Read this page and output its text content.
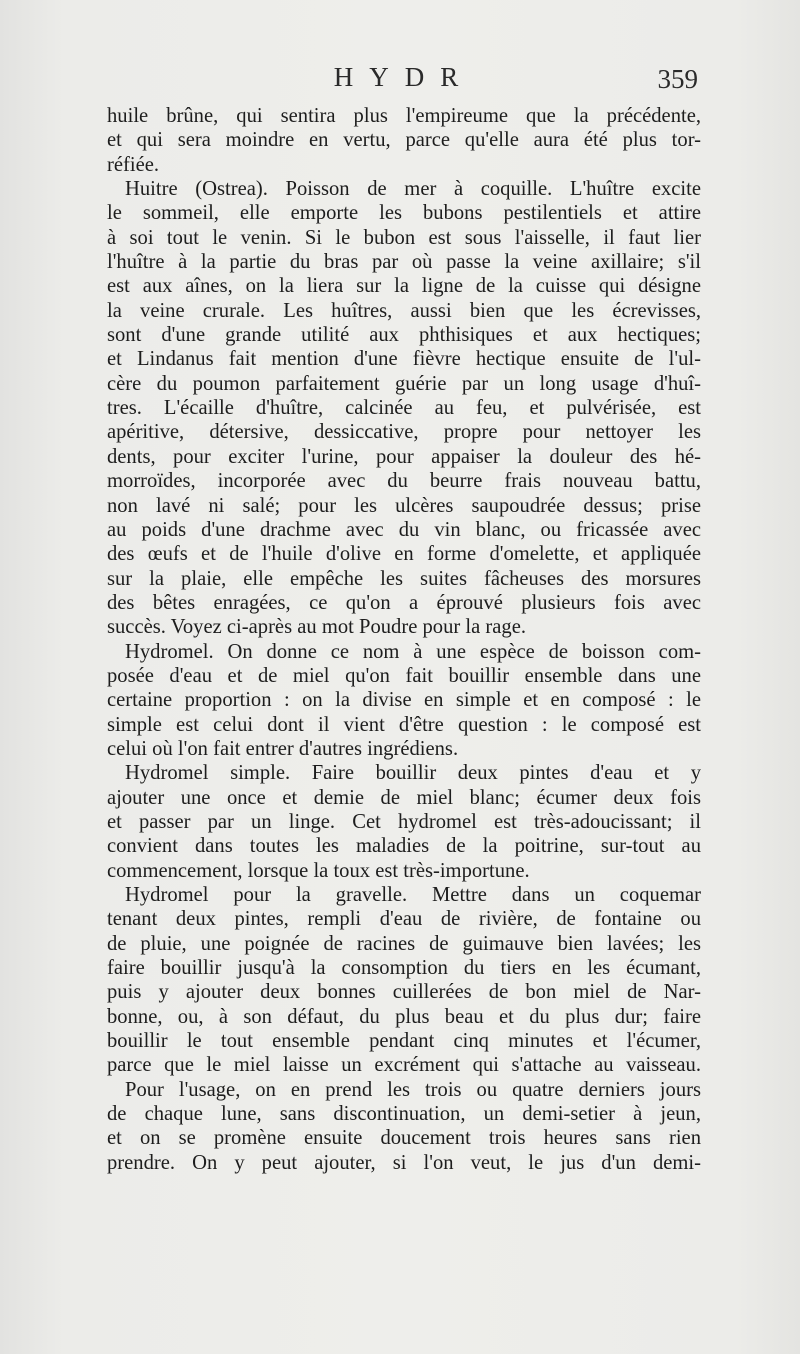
HYDR	359
huile brûne, qui sentira plus l'empireume que la précédente,
et qui sera moindre en vertu, parce qu'elle aura été plus tor-
réfiée.
Huitre (Ostrea). Poisson de mer à coquille. L'huître excite
le sommeil, elle emporte les bubons pestilentiels et attire
à soi tout le venin. Si le bubon est sous l'aisselle, il faut lier
l'huître à la partie du bras par où passe la veine axillaire; s'il
est aux aînes, on la liera sur la ligne de la cuisse qui désigne
la veine crurale. Les huîtres, aussi bien que les écrevisses,
sont d'une grande utilité aux phthisiques et aux hectiques;
et Lindanus fait mention d'une fièvre hectique ensuite de l'ul-
cère du poumon parfaitement guérie par un long usage d'huî-
tres. L'écaille d'huître, calcinée au feu, et pulvérisée, est
apéritive, détersive, dessiccative, propre pour nettoyer les
dents, pour exciter l'urine, pour appaiser la douleur des hé-
morroïdes, incorporée avec du beurre frais nouveau battu,
non lavé ni salé; pour les ulcères saupoudrée dessus; prise
au poids d'une drachme avec du vin blanc, ou fricassée avec
des œufs et de l'huile d'olive en forme d'omelette, et appliquée
sur la plaie, elle empêche les suites fâcheuses des morsures
des bêtes enragées, ce qu'on a éprouvé plusieurs fois avec
succès. Voyez ci-après au mot Poudre pour la rage.
Hydromel. On donne ce nom à une espèce de boisson com-
posée d'eau et de miel qu'on fait bouillir ensemble dans une
certaine proportion : on la divise en simple et en composé : le
simple est celui dont il vient d'être question : le composé est
celui où l'on fait entrer d'autres ingrédiens.
Hydromel simple. Faire bouillir deux pintes d'eau et y
ajouter une once et demie de miel blanc; écumer deux fois
et passer par un linge. Cet hydromel est très-adoucissant; il
convient dans toutes les maladies de la poitrine, sur-tout au
commencement, lorsque la toux est très-importune.
Hydromel pour la gravelle. Mettre dans un coquemar
tenant deux pintes, rempli d'eau de rivière, de fontaine ou
de pluie, une poignée de racines de guimauve bien lavées; les
faire bouillir jusqu'à la consomption du tiers en les écumant,
puis y ajouter deux bonnes cuillerées de bon miel de Nar-
bonne, ou, à son défaut, du plus beau et du plus dur; faire
bouillir le tout ensemble pendant cinq minutes et l'écumer,
parce que le miel laisse un excrément qui s'attache au vaisseau.
Pour l'usage, on en prend les trois ou quatre derniers jours
de chaque lune, sans discontinuation, un demi-setier à jeun,
et on se promène ensuite doucement trois heures sans rien
prendre. On y peut ajouter, si l'on veut, le jus d'un demi-
